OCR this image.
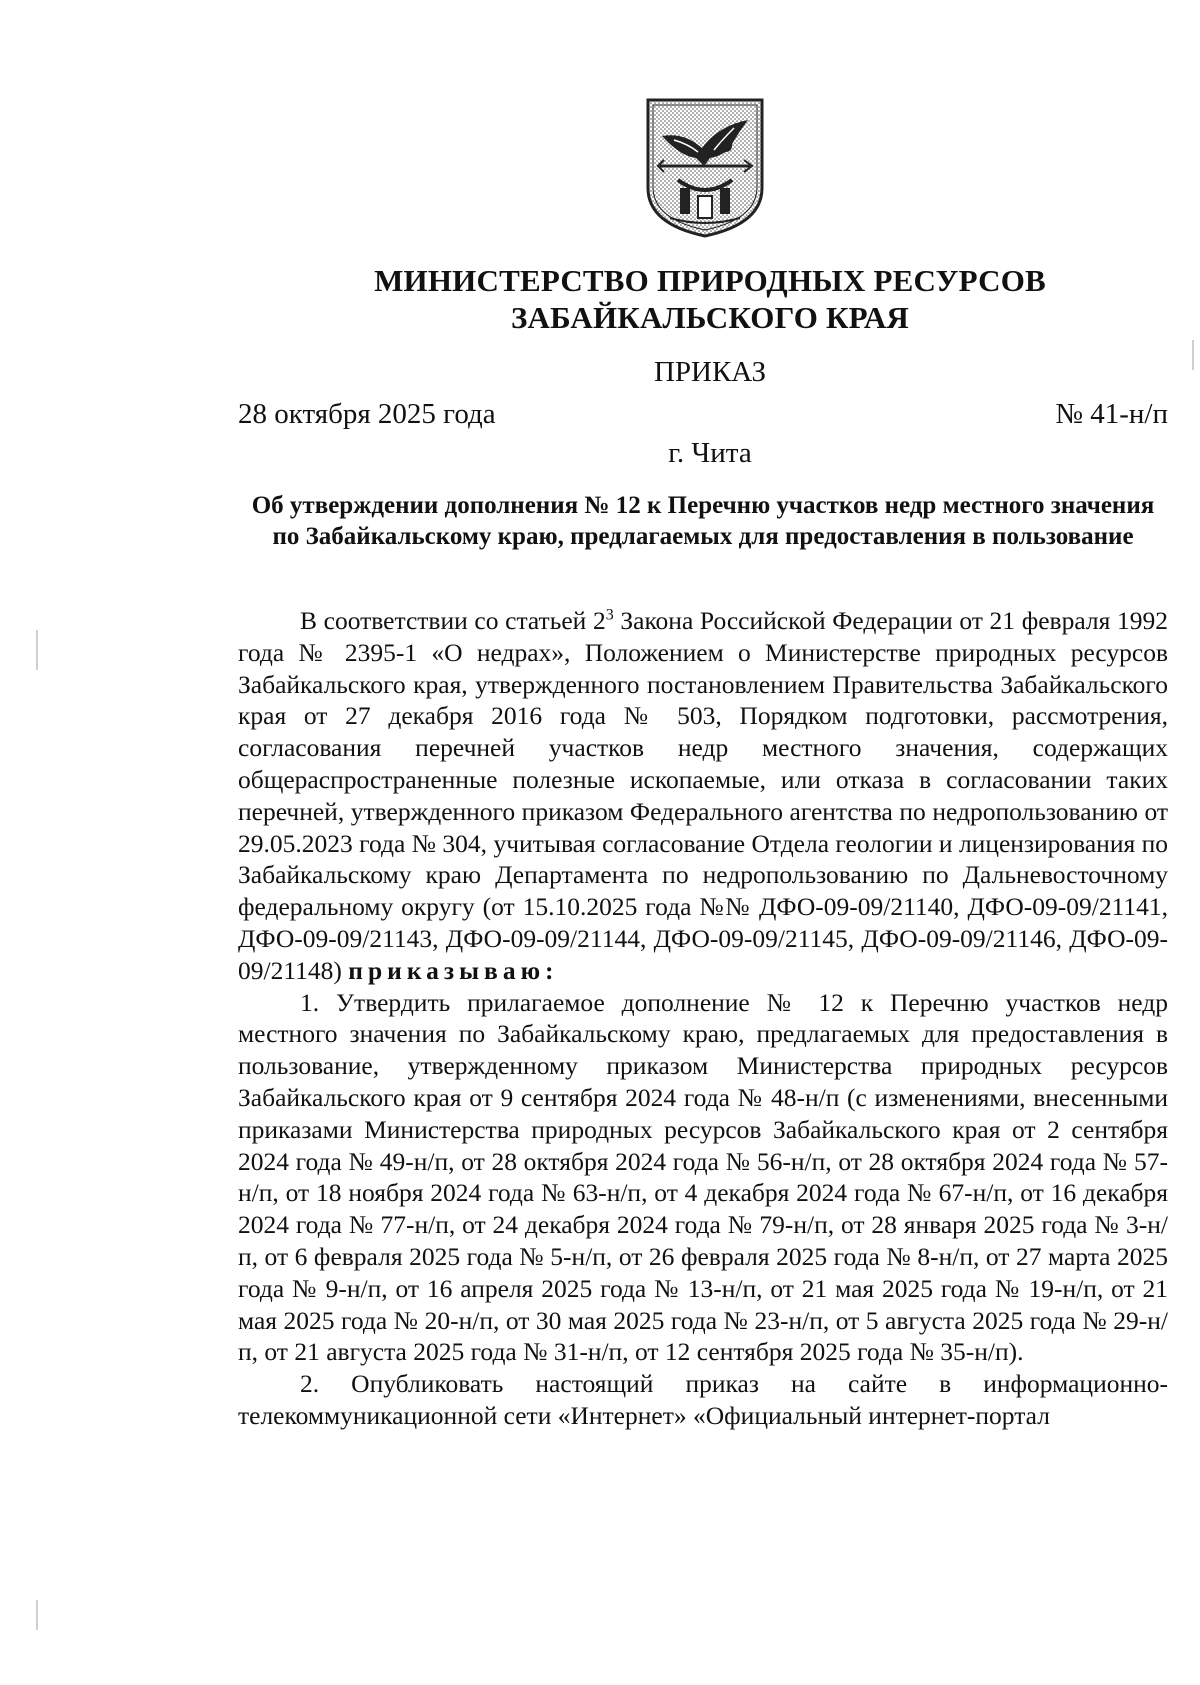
МИНИСТЕРСТВО ПРИРОДНЫХ РЕСУРСОВ
ЗАБАЙКАЛЬСКОГО КРАЯ
ПРИКАЗ
28 октября 2025 года	№ 41-н/п
г. Чита
Об утверждении дополнения № 12 к Перечню участков недр местного значения по Забайкальскому краю, предлагаемых для предоставления в пользование

В соответствии со статьей $2^3$ Закона Российской Федерации от 21 февраля 1992 года № 2395-1 «О недрах», Положением о Министерстве природных ресурсов Забайкальского края, утвержденного постановлением Правительства Забайкальского края от 27 декабря 2016 года № 503, Порядком подготовки, рассмотрения, согласования перечней участков недр местного значения, содержащих общераспространенные полезные ископаемые, или отказа в согласовании таких перечней, утвержденного приказом Федерального агентства по недропользованию от 29.05.2023 года № 304, учитывая согласование Отдела геологии и лицензирования по Забайкальскому краю Департамента по недропользованию по Дальневосточному федеральному округу (от 15.10.2025 года №№ ДФО-09-09/21140, ДФО-09-09/21141, ДФО-09-09/21143, ДФО-09-09/21144, ДФО-09-09/21145, ДФО-09-09/21146, ДФО-09-09/21148) приказываю:

1. Утвердить прилагаемое дополнение № 12 к Перечню участков недр местного значения по Забайкальскому краю, предлагаемых для предоставления в пользование, утвержденному приказом Министерства природных ресурсов Забайкальского края от 9 сентября 2024 года № 48-н/п (с изменениями, внесенными приказами Министерства природных ресурсов Забайкальского края от 2 сентября 2024 года № 49-н/п, от 28 октября 2024 года № 56-н/п, от 28 октября 2024 года № 57-н/п, от 18 ноября 2024 года № 63-н/п, от 4 декабря 2024 года № 67-н/п, от 16 декабря 2024 года № 77-н/п, от 24 декабря 2024 года № 79-н/п, от 28 января 2025 года № 3-н/п, от 6 февраля 2025 года № 5-н/п, от 26 февраля 2025 года № 8-н/п, от 27 марта 2025 года № 9-н/п, от 16 апреля 2025 года № 13-н/п, от 21 мая 2025 года № 19-н/п, от 21 мая 2025 года № 20-н/п, от 30 мая 2025 года № 23-н/п, от 5 августа 2025 года № 29-н/п, от 21 августа 2025 года № 31-н/п, от 12 сентября 2025 года № 35-н/п).

2. Опубликовать настоящий приказ на сайте в информационно-телекоммуникационной сети «Интернет» «Официальный интернет-портал
